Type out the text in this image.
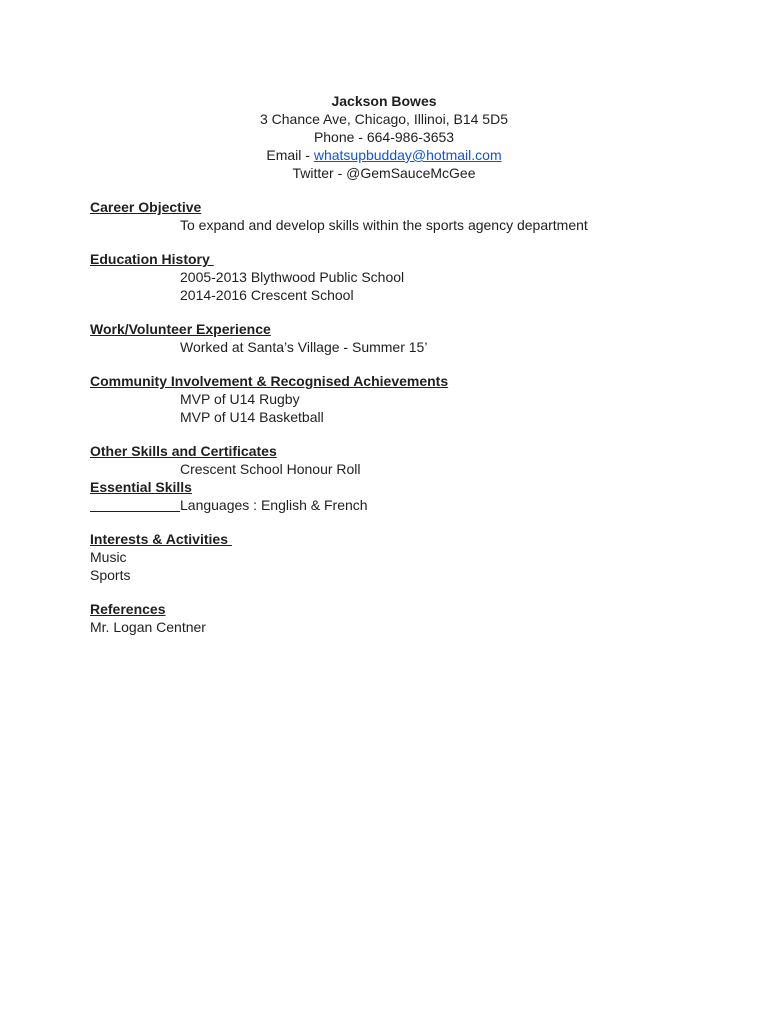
Jackson Bowes
3 Chance Ave, Chicago, Illinoi, B14 5D5
Phone - 664-986-3653
Email - whatsupbudday@hotmail.com
Twitter - @GemSauceMcGee
Career Objective
To expand and develop skills within the sports agency department
Education History
2005-2013 Blythwood Public School
2014-2016 Crescent School
Work/Volunteer Experience
Worked at Santa’s Village - Summer 15’
Community Involvement & Recognised Achievements
MVP of U14 Rugby
MVP of U14 Basketball
Other Skills and Certificates
Crescent School Honour Roll
Essential Skills
Languages : English & French
Interests & Activities
Music
Sports
References
Mr. Logan Centner
